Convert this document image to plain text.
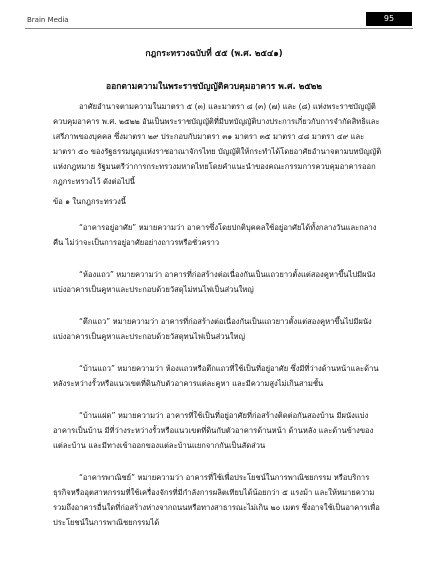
Brain Media	95
กฎกระทรวงฉบับที่ ๕๕ (พ.ศ. ๒๕๔๑)
ออกตามความในพระราชบัญญัติควบคุมอาคาร พ.ศ. ๒๕๒๒

อาศัยอำนาจตามความในมาตรา ๕ (๓) และมาตรา ๘ (๓) (๗) และ (๘) แห่งพระราชบัญญัติควบคุมอาคาร พ.ศ. ๒๕๒๒ อันเป็นพระราชบัญญัติที่มีบทบัญญัติบางประการเกี่ยวกับการจำกัดสิทธิและเสรีภาพของบุคคล ซึ่งมาตรา ๒๙ ประกอบกับมาตรา ๓๑ มาตรา ๓๕ มาตรา ๔๘ มาตรา ๔๙ และมาตรา ๕๐ ของรัฐธรรมนูญแห่งราชอาณาจักรไทย บัญญัติให้กระทำได้โดยอาศัยอำนาจตามบทบัญญัติแห่งกฎหมาย รัฐมนตรีว่าการกระทรวงมหาดไทยโดยคำแนะนำของคณะกรรมการควบคุมอาคารออกกฎกระทรวงไว้ ดังต่อไปนี้

ข้อ ๑ ในกฎกระทรวงนี้

“อาคารอยู่อาศัย” หมายความว่า อาคารซึ่งโดยปกติบุคคลใช้อยู่อาศัยได้ทั้งกลางวันและกลางคืน ไม่ว่าจะเป็นการอยู่อาศัยอย่างถาวรหรือชั่วคราว

“ห้องแถว” หมายความว่า อาคารที่ก่อสร้างต่อเนื่องกันเป็นแถวยาวตั้งแต่สองคูหาขึ้นไปมีผนังแบ่งอาคารเป็นคูหาและประกอบด้วยวัสดุไม่ทนไฟเป็นส่วนใหญ่

“ตึกแถว” หมายความว่า อาคารที่ก่อสร้างต่อเนื่องกันเป็นแถวยาวตั้งแต่สองคูหาขึ้นไปมีผนังแบ่งอาคารเป็นคูหาและประกอบด้วยวัสดุทนไฟเป็นส่วนใหญ่

“บ้านแถว” หมายความว่า ห้องแถวหรือตึกแถวที่ใช้เป็นที่อยู่อาศัย ซึ่งมีที่ว่างด้านหน้าและด้านหลังระหว่างรั้วหรือแนวเขตที่ดินกับตัวอาคารแต่ละคูหา และมีความสูงไม่เกินสามชั้น

“บ้านแฝด” หมายความว่า อาคารที่ใช้เป็นที่อยู่อาศัยที่ก่อสร้างติดต่อกันสองบ้าน มีผนังแบ่งอาคารเป็นบ้าน มีที่ว่างระหว่างรั้วหรือแนวเขตที่ดินกับตัวอาคารด้านหน้า ด้านหลัง และด้านข้างของแต่ละบ้าน และมีทางเข้าออกของแต่ละบ้านแยกจากกันเป็นสัดส่วน

“อาคารพาณิชย์” หมายความว่า อาคารที่ใช้เพื่อประโยชน์ในการพาณิชยกรรม หรือบริการธุรกิจหรืออุตสาหกรรมที่ใช้เครื่องจักรที่มีกำลังการผลิตเทียบได้น้อยกว่า ๕ แรงม้า และให้หมายความรวมถึงอาคารอื่นใดที่ก่อสร้างห่างจากถนนหรือทางสาธารณะไม่เกิน ๒๐ เมตร ซึ่งอาจใช้เป็นอาคารเพื่อประโยชน์ในการพาณิชยกรรมได้
